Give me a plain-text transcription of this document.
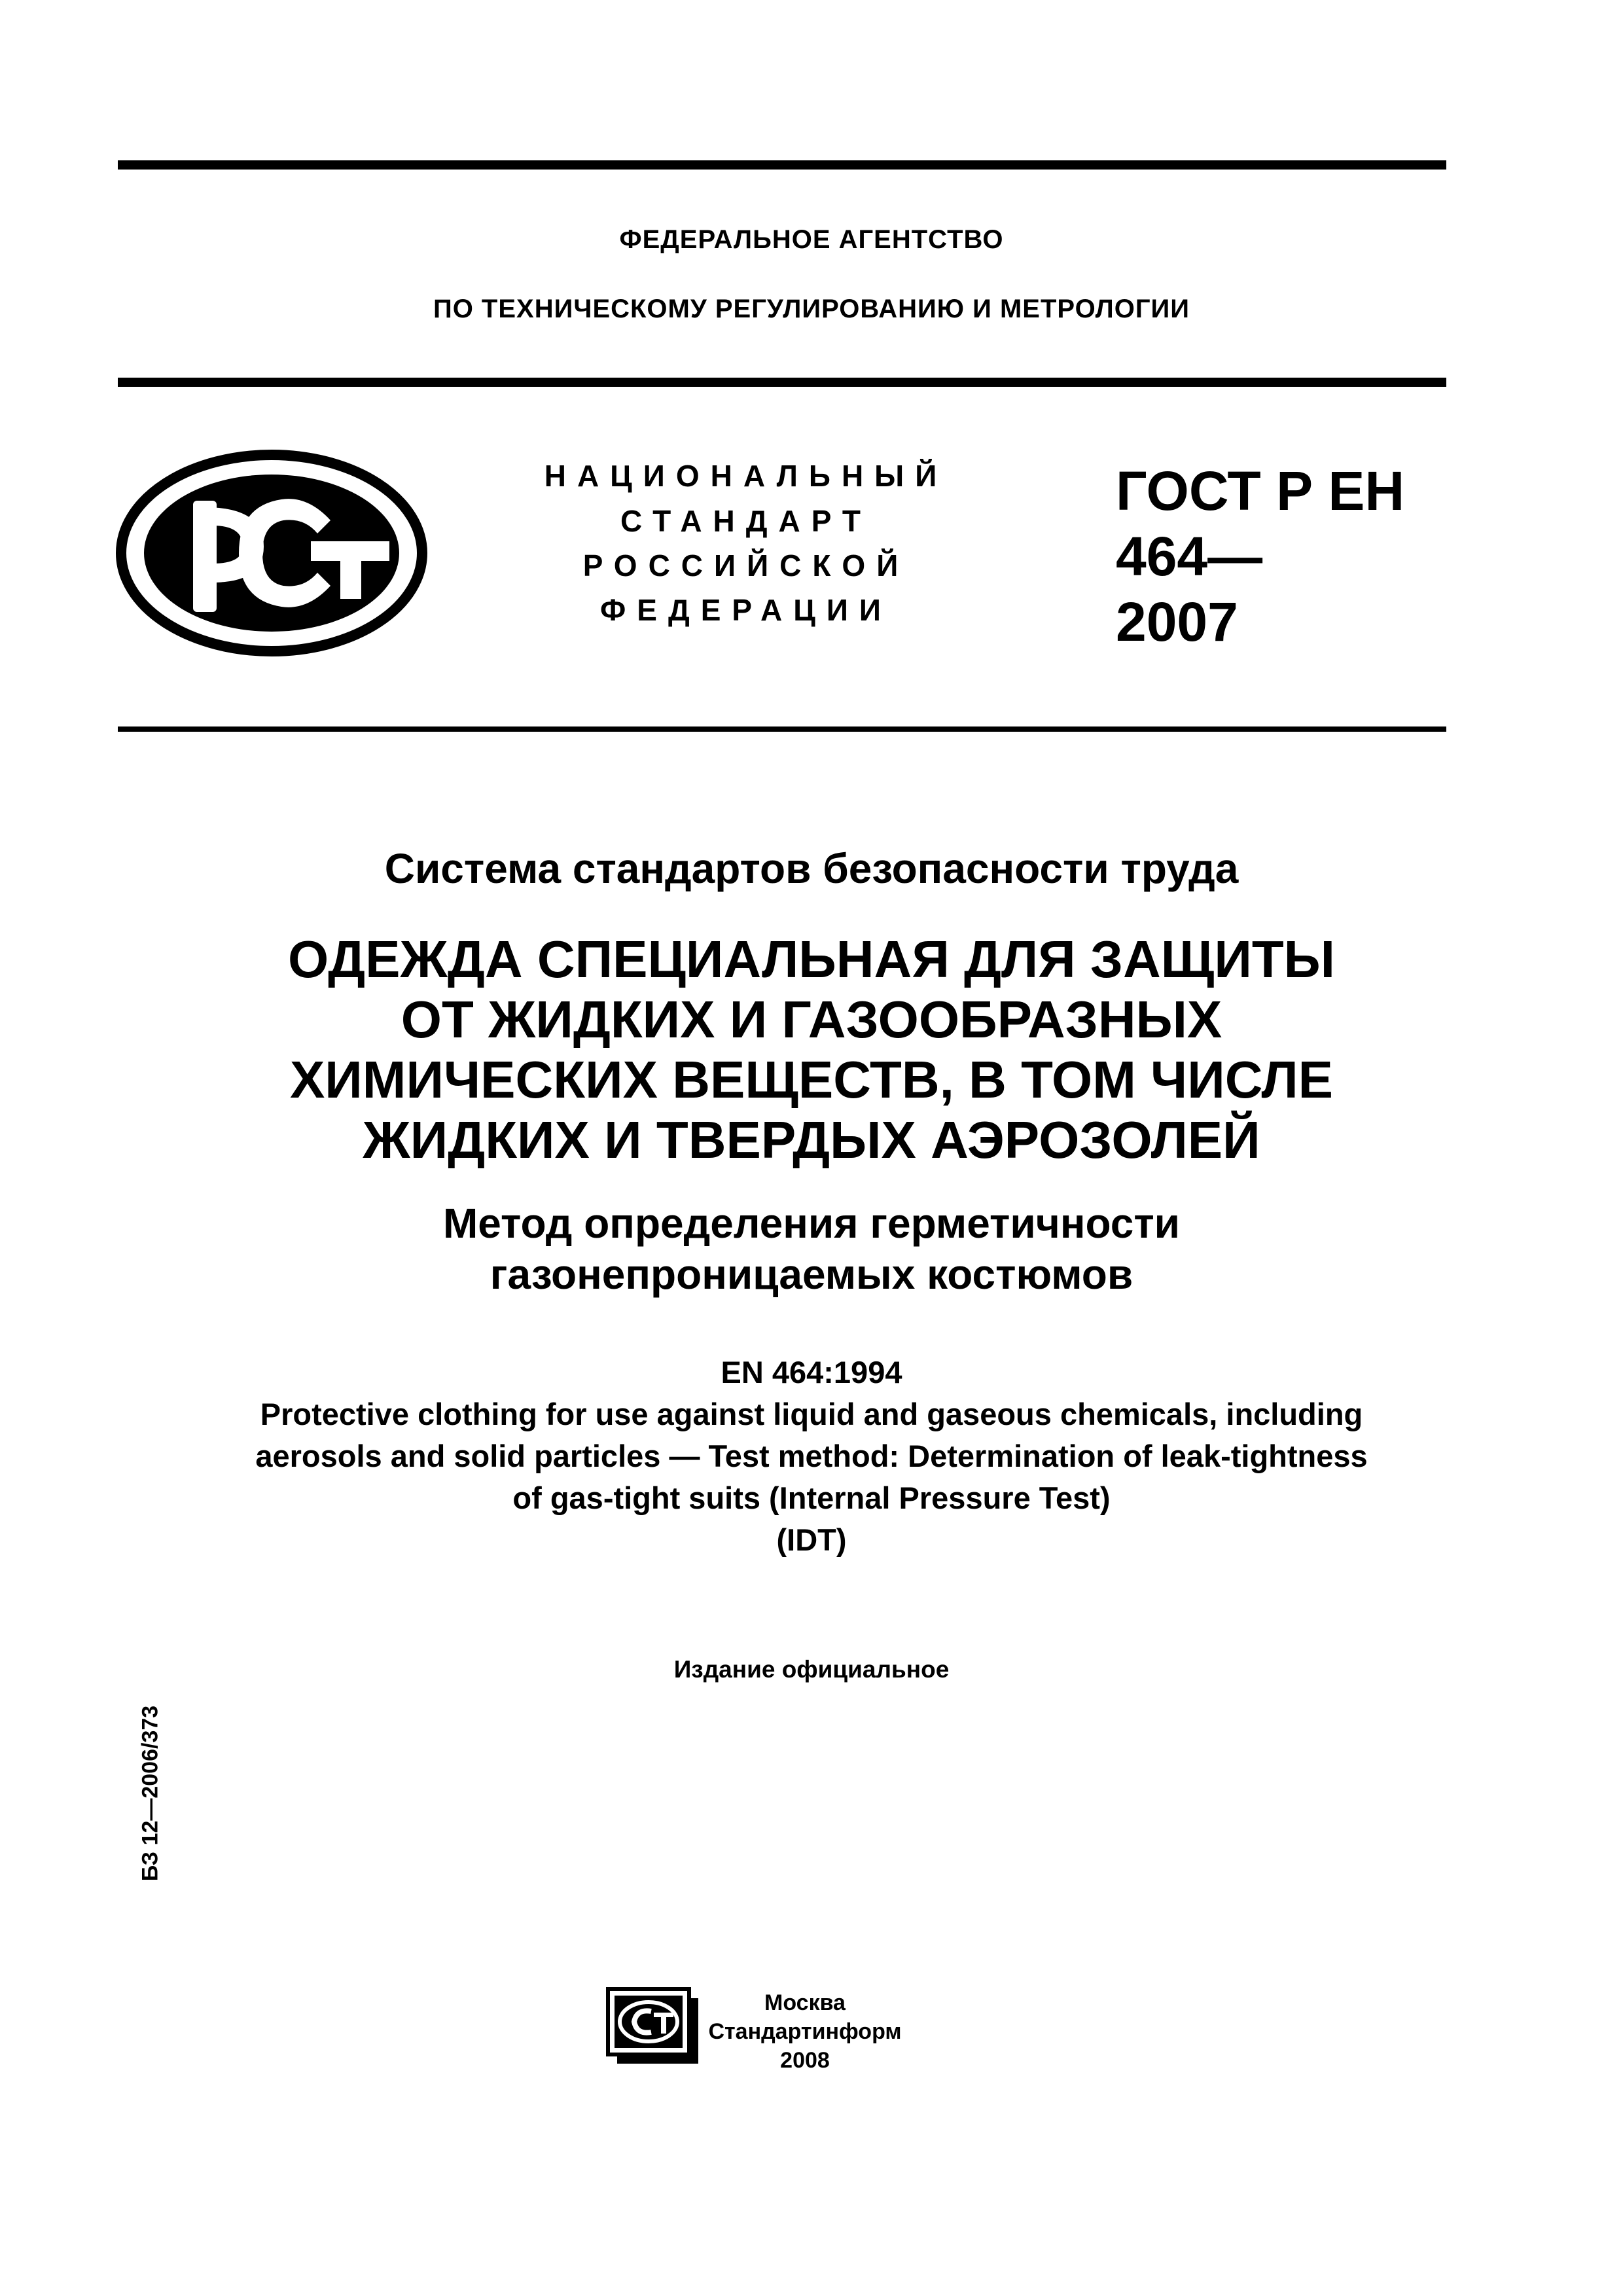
ФЕДЕРАЛЬНОЕ АГЕНТСТВО
ПО ТЕХНИЧЕСКОМУ РЕГУЛИРОВАНИЮ И МЕТРОЛОГИИ
НАЦИОНАЛЬНЫЙ
СТАНДАРТ
РОССИЙСКОЙ
ФЕДЕРАЦИИ
ГОСТ Р ЕН
464—
2007
Система стандартов безопасности труда
ОДЕЖДА СПЕЦИАЛЬНАЯ ДЛЯ ЗАЩИТЫ
ОТ ЖИДКИХ И ГАЗООБРАЗНЫХ
ХИМИЧЕСКИХ ВЕЩЕСТВ, В ТОМ ЧИСЛЕ
ЖИДКИХ И ТВЕРДЫХ АЭРОЗОЛЕЙ
Метод определения герметичности
газонепроницаемых костюмов
EN 464:1994
Protective clothing for use against liquid and gaseous chemicals, including
aerosols and solid particles — Test method: Determination of leak-tightness
of gas-tight suits (Internal Pressure Test)
(IDT)
Издание официальное
БЗ 12—2006/373
Москва
Стандартинформ
2008
